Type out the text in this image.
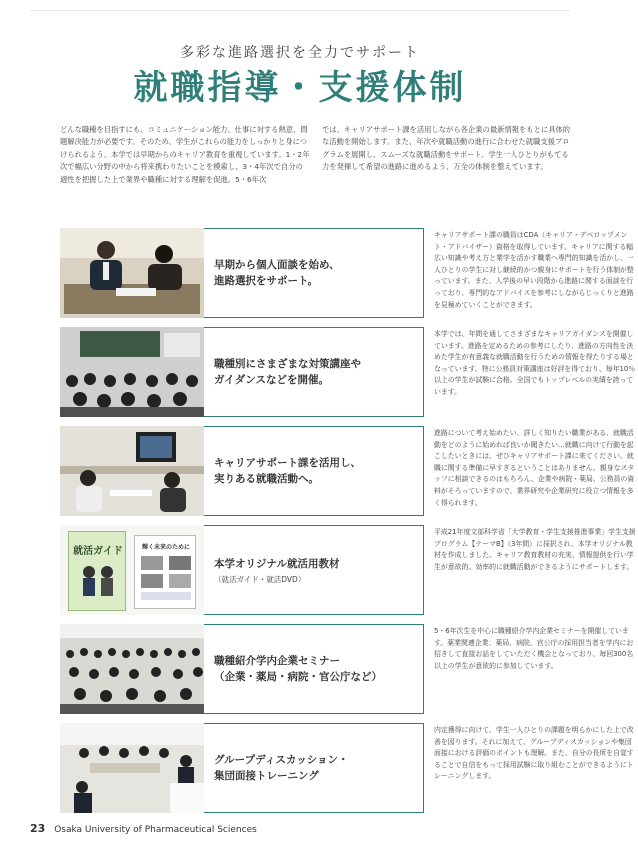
多彩な進路選択を全力でサポート
就職指導・支援体制
どんな職種を目指すにも、コミュニケーション能力、仕事に対する熱意、問題解決能力が必要です。そのため、学生がこれらの能力をしっかりと身につけられるよう、本学では早期からのキャリア教育を重視しています。1・2年次で幅広い分野の中から将来携わりたいことを模索し、3・4年次で自分の適性を把握した上で業界や職種に対する理解を促進。5・6年次
では、キャリアサポート課を活用しながら各企業の最新情報をもとに具体的な活動を開始します。また、年次や就職活動の進行に合わせた就職支援プログラムを展開し、スムーズな就職活動をサポート。学生一人ひとりがもてる力を発揮して希望の進路に進めるよう、万全の体制を整えています。
早期から個人面談を始め、
進路選択をサポート。
キャリアサポート課の職員はCDA（キャリア・デベロップメント・アドバイザー）資格を取得しています。キャリアに関する幅広い知識や考え方と業学を活かす職業へ専門的知識を活かし、一人ひとりの学生に対し継続的かつ親身にサポートを行う体制が整っています。また、入学後の早い段階から進路に関する面談を行っており、専門的なアドバイスを参考にしながらじっくりと進路を見極めていくことができます。
職種別にさまざまな対策講座や
ガイダンスなどを開催。
本学では、年間を通してさまざまなキャリアガイダンスを開催しています。進路を定めるための参考にしたり、進路の方向性を決めた学生が有意義な就職活動を行うための情報を得たりする場となっています。特に公務員対策講座は好評を得ており、毎年10％以上の学生が試験に合格。全国でもトップレベルの実績を誇っています。
キャリアサポート課を活用し、
実りある就職活動へ。
進路について考え始めたい、詳しく知りたい職業がある、就職活動をどのように始めれば良いか聞きたい…就職に向けて行動を起こしたいときには、ぜひキャリアサポート課に来てください。就職に関する準備に早すぎるということはありません。親身なスタッフに相談できるのはもちろん、企業や病院・薬局、公務員の資料がそろっていますので、業界研究や企業研究に役立つ情報を多く得られます。
就活ガイド	輝く未来のために
本学オリジナル就活用教材
（就活ガイド・就活DVD）
平成21年度文部科学省「大学教育・学生支援推進事業」学生支援プログラム【テーマB】（3年間）に採択され、本学オリジナル教材を作成しました。キャリア教育教材の充実、情報提供を行い学生が意欲的、効率的に就職活動ができるようにサポートします。
職種紹介学内企業セミナー
（企業・薬局・病院・官公庁など）
5・6年次生を中心に職種紹介学内企業セミナーを開催しています。薬業関連企業、薬局、病院、官公庁の採用担当者を学内にお招きして直接お話をしていただく機会となっており、毎回300名以上の学生が意欲的に参加しています。
グループディスカッション・
集団面接トレーニング
内定獲得に向けて、学生一人ひとりの課題を明らかにした上で改善を図ります。それに加えて、グループディスカッションや集団面接における評価のポイントも理解。また、自分の長所を自覚することで自信をもって採用試験に取り組むことができるようにトレーニングします。
23 Osaka University of Pharmaceutical Sciences
